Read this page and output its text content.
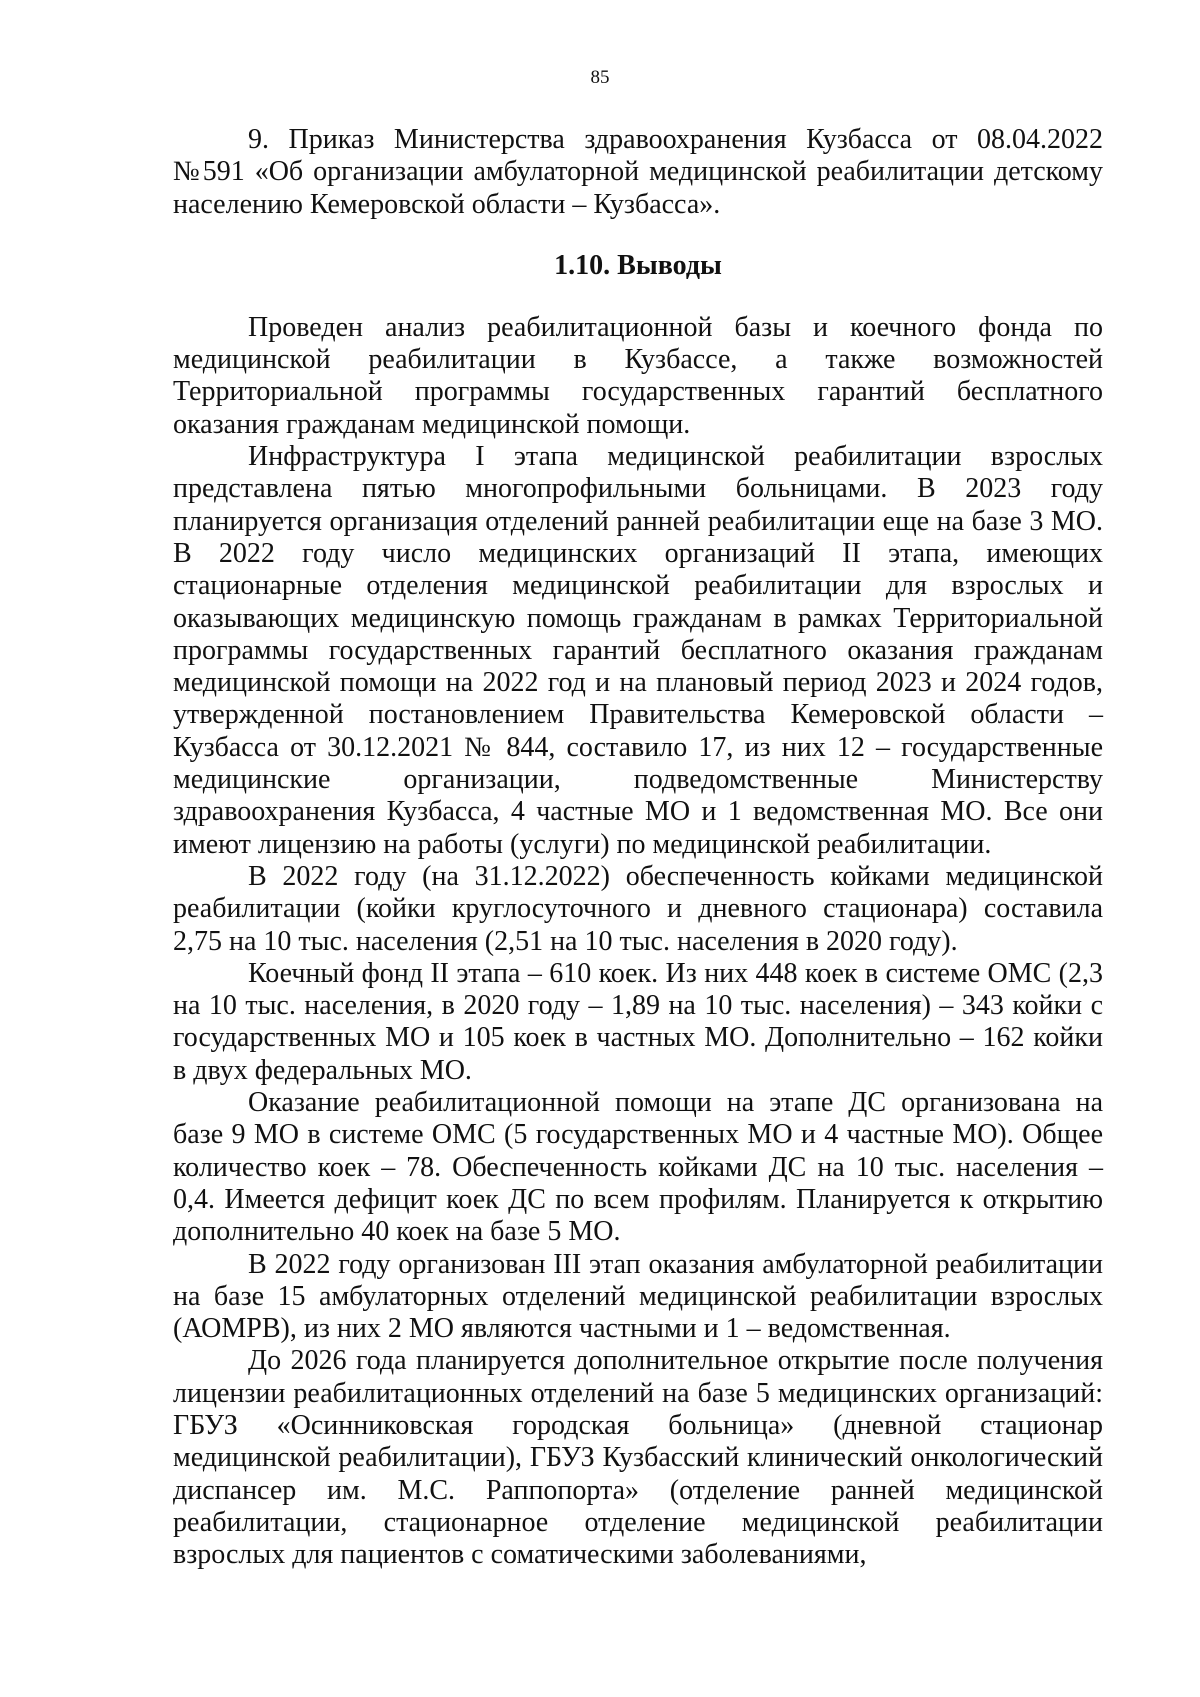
85

9. Приказ Министерства здравоохранения Кузбасса от 08.04.2022 №591 «Об организации амбулаторной медицинской реабилитации детскому населению Кемеровской области – Кузбасса».

1.10. Выводы

Проведен анализ реабилитационной базы и коечного фонда по медицинской реабилитации в Кузбассе, а также возможностей Территориальной программы государственных гарантий бесплатного оказания гражданам медицинской помощи.

Инфраструктура I этапа медицинской реабилитации взрослых представлена пятью многопрофильными больницами. В 2023 году планируется организация отделений ранней реабилитации еще на базе 3 МО. В 2022 году число медицинских организаций II этапа, имеющих стационарные отделения медицинской реабилитации для взрослых и оказывающих медицинскую помощь гражданам в рамках Территориальной программы государственных гарантий бесплатного оказания гражданам медицинской помощи на 2022 год и на плановый период 2023 и 2024 годов, утвержденной постановлением Правительства Кемеровской области – Кузбасса от 30.12.2021 № 844, составило 17, из них 12 – государственные медицинские организации, подведомственные Министерству здравоохранения Кузбасса, 4 частные МО и 1 ведомственная МО. Все они имеют лицензию на работы (услуги) по медицинской реабилитации.

В 2022 году (на 31.12.2022) обеспеченность койками медицинской реабилитации (койки круглосуточного и дневного стационара) составила 2,75 на 10 тыс. населения (2,51 на 10 тыс. населения в 2020 году).

Коечный фонд II этапа – 610 коек. Из них 448 коек в системе ОМС (2,3 на 10 тыс. населения, в 2020 году – 1,89 на 10 тыс. населения) – 343 койки с государственных МО и 105 коек в частных МО. Дополнительно – 162 койки в двух федеральных МО.

Оказание реабилитационной помощи на этапе ДС организована на базе 9 МО в системе ОМС (5 государственных МО и 4 частные МО). Общее количество коек – 78. Обеспеченность койками ДС на 10 тыс. населения – 0,4. Имеется дефицит коек ДС по всем профилям. Планируется к открытию дополнительно 40 коек на базе 5 МО.

В 2022 году организован III этап оказания амбулаторной реабилитации на базе 15 амбулаторных отделений медицинской реабилитации взрослых (АОМРВ), из них 2 МО являются частными и 1 – ведомственная.

До 2026 года планируется дополнительное открытие после получения лицензии реабилитационных отделений на базе 5 медицинских организаций: ГБУЗ «Осинниковская городская больница» (дневной стационар медицинской реабилитации), ГБУЗ Кузбасский клинический онкологический диспансер им. М.С. Раппопорта» (отделение ранней медицинской реабилитации, стационарное отделение медицинской реабилитации взрослых для пациентов с соматическими заболеваниями,
